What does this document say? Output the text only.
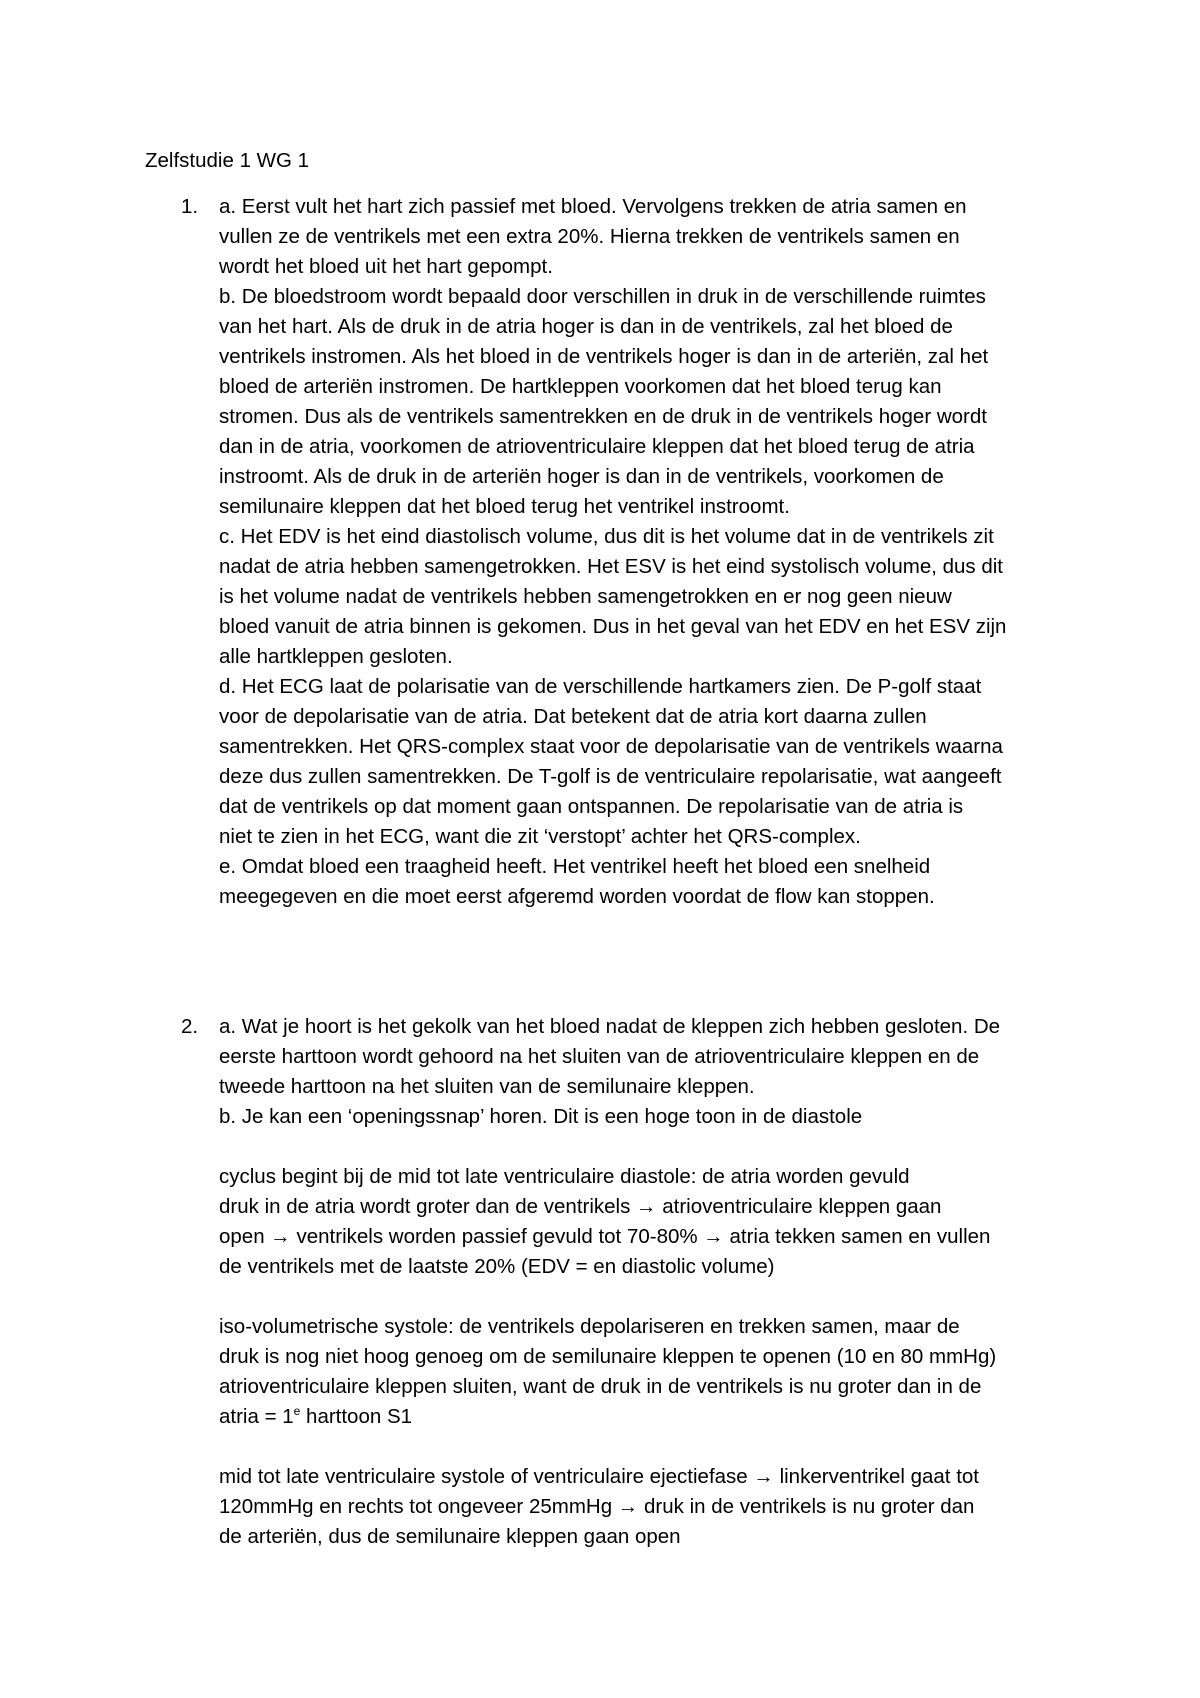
Zelfstudie 1 WG 1
1. a. Eerst vult het hart zich passief met bloed. Vervolgens trekken de atria samen en
vullen ze de ventrikels met een extra 20%. Hierna trekken de ventrikels samen en
wordt het bloed uit het hart gepompt.
b. De bloedstroom wordt bepaald door verschillen in druk in de verschillende ruimtes
van het hart. Als de druk in de atria hoger is dan in de ventrikels, zal het bloed de
ventrikels instromen. Als het bloed in de ventrikels hoger is dan in de arteriën, zal het
bloed de arteriën instromen. De hartkleppen voorkomen dat het bloed terug kan
stromen. Dus als de ventrikels samentrekken en de druk in de ventrikels hoger wordt
dan in de atria, voorkomen de atrioventriculaire kleppen dat het bloed terug de atria
instroomt. Als de druk in de arteriën hoger is dan in de ventrikels, voorkomen de
semilunaire kleppen dat het bloed terug het ventrikel instroomt.
c. Het EDV is het eind diastolisch volume, dus dit is het volume dat in de ventrikels zit
nadat de atria hebben samengetrokken. Het ESV is het eind systolisch volume, dus dit
is het volume nadat de ventrikels hebben samengetrokken en er nog geen nieuw
bloed vanuit de atria binnen is gekomen. Dus in het geval van het EDV en het ESV zijn
alle hartkleppen gesloten.
d. Het ECG laat de polarisatie van de verschillende hartkamers zien. De P-golf staat
voor de depolarisatie van de atria. Dat betekent dat de atria kort daarna zullen
samentrekken. Het QRS-complex staat voor de depolarisatie van de ventrikels waarna
deze dus zullen samentrekken. De T-golf is de ventriculaire repolarisatie, wat aangeeft
dat de ventrikels op dat moment gaan ontspannen. De repolarisatie van de atria is
niet te zien in het ECG, want die zit ‘verstopt’ achter het QRS-complex.
e. Omdat bloed een traagheid heeft. Het ventrikel heeft het bloed een snelheid
meegegeven en die moet eerst afgeremd worden voordat de flow kan stoppen.
2. a. Wat je hoort is het gekolk van het bloed nadat de kleppen zich hebben gesloten. De
eerste harttoon wordt gehoord na het sluiten van de atrioventriculaire kleppen en de
tweede harttoon na het sluiten van de semilunaire kleppen.
b. Je kan een ‘openingssnap’ horen. Dit is een hoge toon in de diastole
cyclus begint bij de mid tot late ventriculaire diastole: de atria worden gevuld
druk in de atria wordt groter dan de ventrikels → atrioventriculaire kleppen gaan
open → ventrikels worden passief gevuld tot 70-80% → atria tekken samen en vullen
de ventrikels met de laatste 20% (EDV = en diastolic volume)
iso-volumetrische systole: de ventrikels depolariseren en trekken samen, maar de
druk is nog niet hoog genoeg om de semilunaire kleppen te openen (10 en 80 mmHg)
atrioventriculaire kleppen sluiten, want de druk in de ventrikels is nu groter dan in de
atria = $1^e$ harttoon S1
mid tot late ventriculaire systole of ventriculaire ejectiefase → linkerventrikel gaat tot
120mmHg en rechts tot ongeveer 25mmHg → druk in de ventrikels is nu groter dan
de arteriën, dus de semilunaire kleppen gaan open
